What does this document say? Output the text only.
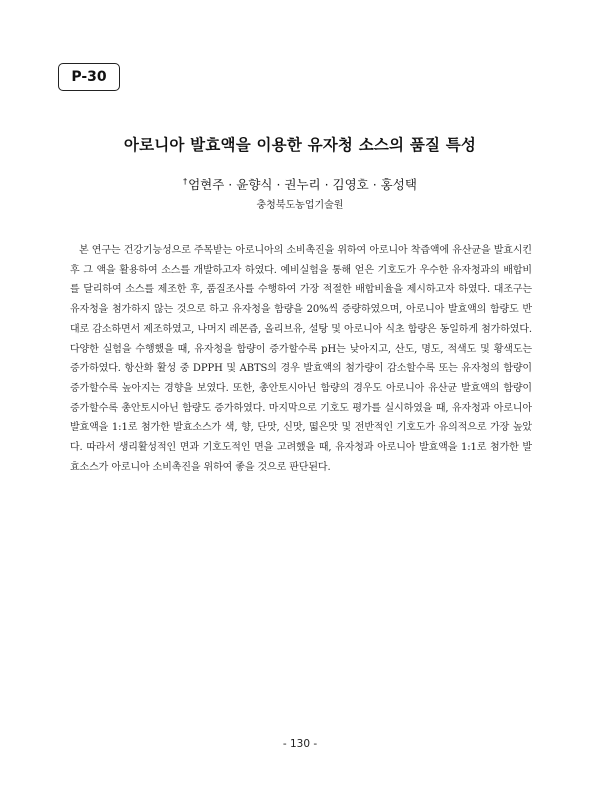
P-30
아로니아 발효액을 이용한 유자청 소스의 품질 특성
†엄현주 · 윤향식 · 권누리 · 김영호 · 홍성택
충청북도농업기술원
본 연구는 건강기능성으로 주목받는 아로니아의 소비촉진을 위하여 아로니아 착즙액에 유산균을 발효시킨 후 그 액을 활용하여 소스를 개발하고자 하였다. 예비실험을 통해 얻은 기호도가 우수한 유자청과의 배합비를 달리하여 소스를 제조한 후, 품질조사를 수행하여 가장 적절한 배합비율을 제시하고자 하였다. 대조구는 유자청을 첨가하지 않는 것으로 하고 유자청을 함량을 20%씩 증량하였으며, 아로니아 발효액의 함량도 반대로 감소하면서 제조하였고, 나머지 레몬즙, 올리브유, 설탕 및 아로니아 식초 함량은 동일하게 첨가하였다. 다양한 실험을 수행했을 때, 유자청을 함량이 증가할수록 pH는 낮아지고, 산도, 명도, 적색도 및 황색도는 증가하였다. 항산화 활성 중 DPPH 및 ABTS의 경우 발효액의 첨가량이 감소할수록 또는 유자청의 함량이 증가할수록 높아지는 경향을 보였다. 또한, 총안토시아닌 함량의 경우도 아로니아 유산균 발효액의 함량이 증가할수록 총안토시아닌 함량도 증가하였다. 마지막으로 기호도 평가를 실시하였을 때, 유자청과 아로니아 발효액을 1:1로 첨가한 발효소스가 색, 향, 단맛, 신맛, 떫은맛 및 전반적인 기호도가 유의적으로 가장 높았다. 따라서 생리활성적인 면과 기호도적인 면을 고려했을 때, 유자청과 아로니아 발효액을 1:1로 첨가한 발효소스가 아로니아 소비촉진을 위하여 좋을 것으로 판단된다.
- 130 -
